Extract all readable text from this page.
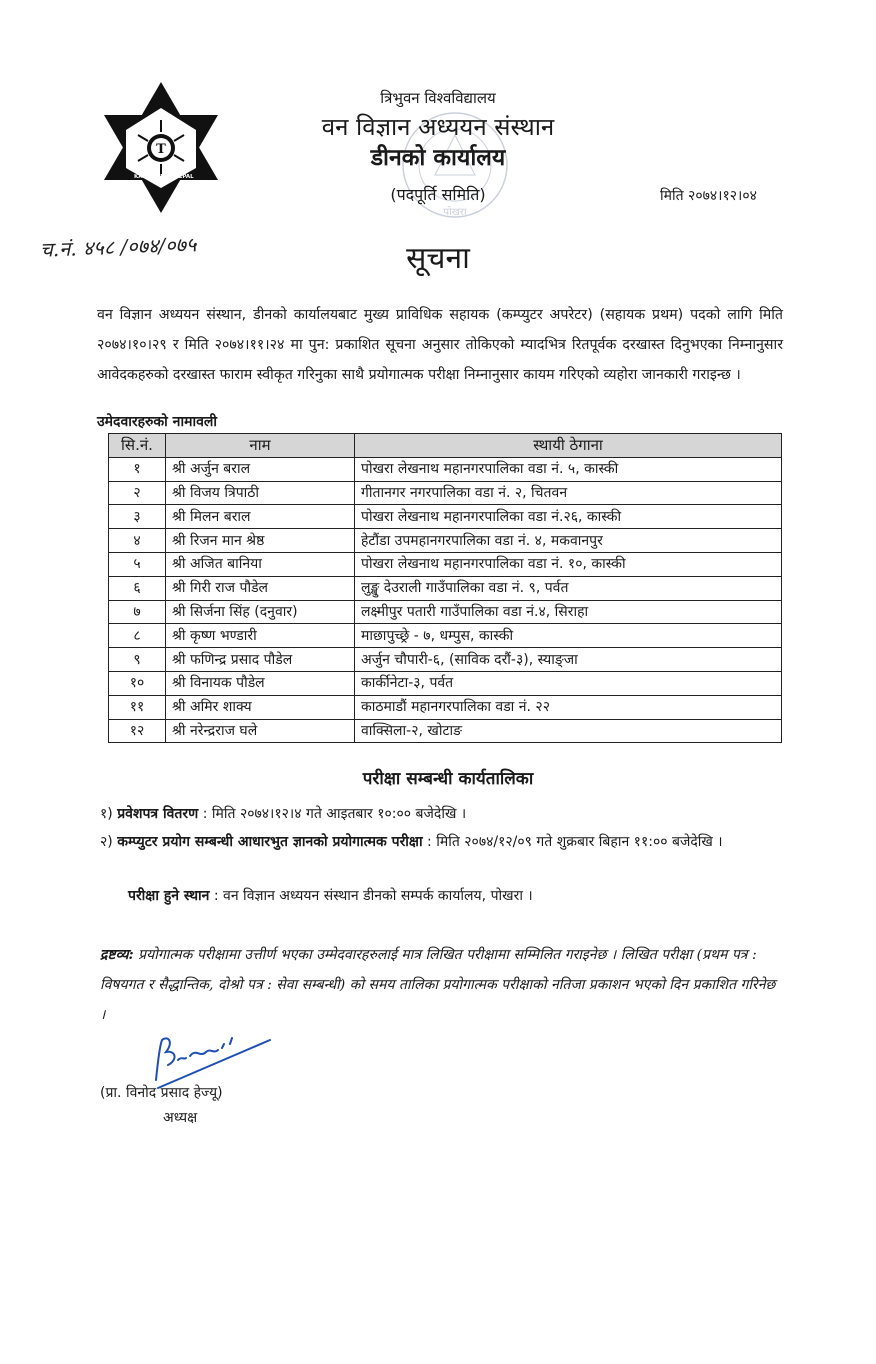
T
KATHMANDU,
NEPAL
पोखरा
त्रिभुवन विश्वविद्यालय
वन विज्ञान अध्ययन संस्थान
डीनको कार्यालय
(पदपूर्ति समिति)	मिति २०७४।१२।०४
च.नं. ४५८ /०७४/०७५	सूचना
वन विज्ञान अध्ययन संस्थान, डीनको कार्यालयबाट मुख्य प्राविधिक सहायक (कम्प्युटर अपरेटर) (सहायक प्रथम) पदको लागि मिति २०७४।१०।२९ र मिति २०७४।११।२४ मा पुन: प्रकाशित सूचना अनुसार तोकिएको म्यादभित्र रितपूर्वक दरखास्त दिनुभएका निम्नानुसार आवेदकहरुको दरखास्त फाराम स्वीकृत गरिनुका साथै प्रयोगात्मक परीक्षा निम्नानुसार कायम गरिएको व्यहोरा जानकारी गराइन्छ ।
उमेदवारहरुको नामावली
सि.नं.	नाम	स्थायी ठेगाना
१	श्री अर्जुन बराल	पोखरा लेखनाथ महानगरपालिका वडा नं. ५, कास्की
२	श्री विजय त्रिपाठी	गीतानगर नगरपालिका वडा नं. २, चितवन
३	श्री मिलन बराल	पोखरा लेखनाथ महानगरपालिका वडा नं.२६, कास्की
४	श्री रिजन मान श्रेष्ठ	हेटौंडा उपमहानगरपालिका वडा नं. ४, मकवानपुर
५	श्री अजित बानिया	पोखरा लेखनाथ महानगरपालिका वडा नं. १०, कास्की
६	श्री गिरी राज पौडेल	लुङ्खु देउराली गाउँपालिका वडा नं. ९, पर्वत
७	श्री सिर्जना सिंह (दनुवार)	लक्ष्मीपुर पतारी गाउँपालिका वडा नं.४, सिराहा
८	श्री कृष्ण भण्डारी	माछापुच्छ्रे - ७, धम्पुस, कास्की
९	श्री फणिन्द्र प्रसाद पौडेल	अर्जुन चौपारी-६, (साविक दरौं-३), स्याङ्जा
१०	श्री विनायक पौडेल	कार्कीनेटा-३, पर्वत
११	श्री अमिर शाक्य	काठमाडौं महानगरपालिका वडा नं. २२
१२	श्री नरेन्द्रराज घले	वाक्सिला-२, खोटाङ
परीक्षा सम्बन्धी कार्यतालिका
१) प्रवेशपत्र वितरण : मिति २०७४।१२।४ गते आइतबार १०:०० बजेदेखि ।
२) कम्प्युटर प्रयोग सम्बन्धी आधारभुत ज्ञानको प्रयोगात्मक परीक्षा : मिति २०७४/१२/०९ गते शुक्रबार बिहान ११:०० बजेदेखि ।
परीक्षा हुने स्थान : वन विज्ञान अध्ययन संस्थान डीनको सम्पर्क कार्यालय, पोखरा ।
द्रष्टव्य: प्रयोगात्मक परीक्षामा उत्तीर्ण भएका उम्मेदवारहरुलाई मात्र लिखित परीक्षामा सम्मिलित गराइनेछ । लिखित परीक्षा (प्रथम पत्र : विषयगत र सैद्धान्तिक, दोश्रो पत्र : सेवा सम्बन्धी) को समय तालिका प्रयोगात्मक परीक्षाको नतिजा प्रकाशन भएको दिन प्रकाशित गरिनेछ ।
(प्रा. विनोद प्रसाद हेज्यू)
अध्यक्ष
